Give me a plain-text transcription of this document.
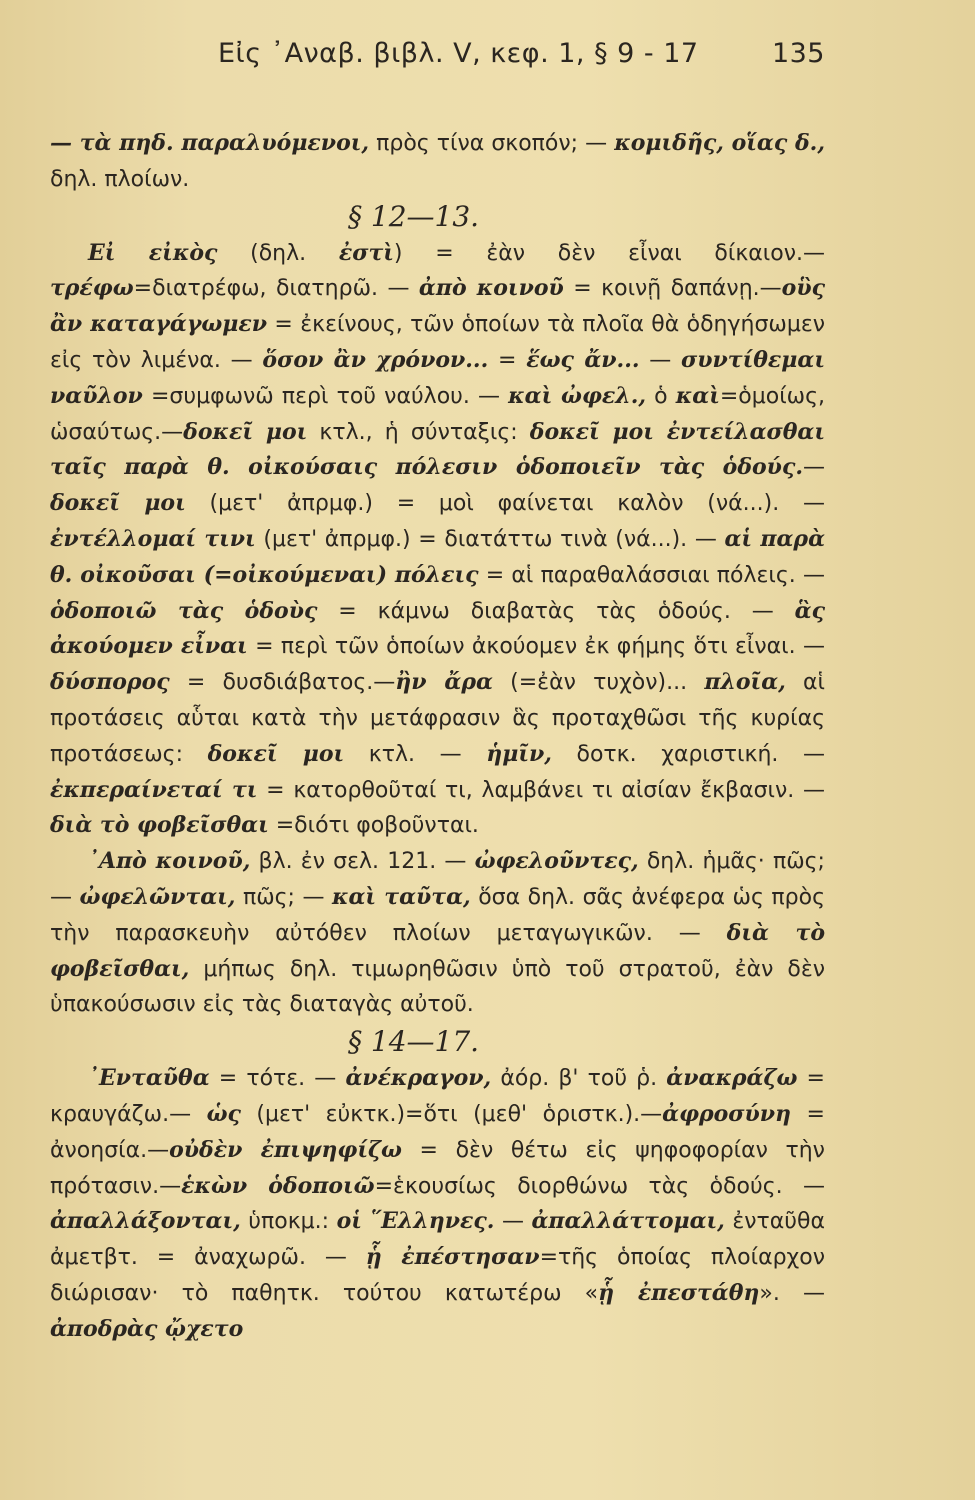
Εἰς ᾿Αναβ. βιβλ. V, κεφ. 1, § 9 - 17	135

— τὰ πηδ. παραλυόμενοι, πρὸς τίνα σκοπόν; — κομιδῆς, οἵας δ., δηλ. πλοίων.

§ 12—13.

Εἰ εἰκὸς (δηλ. ἐστὶ) = ἐὰν δὲν εἶναι δίκαιον.—τρέφω=διατρέφω, διατηρῶ. — ἀπὸ κοινοῦ = κοινῇ δαπάνῃ.—οὓς ἂν καταγάγωμεν = ἐκείνους, τῶν ὁποίων τὰ πλοῖα θὰ ὁδηγήσωμεν εἰς τὸν λιμένα. — ὅσον ἂν χρόνον... = ἕως ἄν... — συντίθεμαι ναῦλον =συμφωνῶ περὶ τοῦ ναύλου. — καὶ ὠφελ., ὁ καὶ=ὁμοίως, ὡσαύτως.—δοκεῖ μοι κτλ., ἡ σύνταξις: δοκεῖ μοι ἐντείλασθαι ταῖς παρὰ θ. οἰκούσαις πόλεσιν ὁδοποιεῖν τὰς ὁδούς.— δοκεῖ μοι (μετ' ἀπρμφ.) = μοὶ φαίνεται καλὸν (νά...). — ἐντέλλομαί τινι (μετ' ἀπρμφ.) = διατάττω τινὰ (νά...). — αἱ παρὰ θ. οἰκοῦσαι (=οἰκούμεναι) πόλεις = αἱ παραθαλάσσιαι πόλεις. — ὁδοποιῶ τὰς ὁδοὺς = κάμνω διαβατὰς τὰς ὁδούς. — ἃς ἀκούομεν εἶναι = περὶ τῶν ὁποίων ἀκούομεν ἐκ φήμης ὅτι εἶναι. — δύσπορος = δυσδιάβατος.—ἢν ἄρα (=ἐὰν τυχὸν)... πλοῖα, αἱ προτάσεις αὗται κατὰ τὴν μετάφρασιν ἃς προταχθῶσι τῆς κυρίας προτάσεως: δοκεῖ μοι κτλ. — ἡμῖν, δοτκ. χαριστική. — ἐκπεραίνεταί τι = κατορθοῦταί τι, λαμβάνει τι αἰσίαν ἔκβασιν. — διὰ τὸ φοβεῖσθαι =διότι φοβοῦνται.

᾿Απὸ κοινοῦ, βλ. ἐν σελ. 121. — ὠφελοῦντες, δηλ. ἡμᾶς· πῶς; — ὠφελῶνται, πῶς; — καὶ ταῦτα, ὅσα δηλ. σᾶς ἀνέφερα ὡς πρὸς τὴν παρασκευὴν αὐτόθεν πλοίων μεταγωγικῶν. — διὰ τὸ φοβεῖσθαι, μήπως δηλ. τιμωρηθῶσιν ὑπὸ τοῦ στρατοῦ, ἐὰν δὲν ὑπακούσωσιν εἰς τὰς διαταγὰς αὐτοῦ.

§ 14—17.

᾿Ενταῦθα = τότε. — ἀνέκραγον, ἀόρ. β' τοῦ ῥ. ἀνακράζω = κραυγάζω.— ὡς (μετ' εὐκτκ.)=ὅτι (μεθ' ὁριστκ.).—ἀφροσύνη = ἀνοησία.—οὐδὲν ἐπιψηφίζω = δὲν θέτω εἰς ψηφοφορίαν τὴν πρότασιν.—ἑκὼν ὁδοποιῶ=ἑκουσίως διορθώνω τὰς ὁδούς. — ἀπαλλάξονται, ὑποκμ.: οἱ ῞Ελληνες. — ἀπαλλάττομαι, ἐνταῦθα ἀμετβτ. = ἀναχωρῶ. — ᾗ ἐπέστησαν=τῆς ὁποίας πλοίαρχον διώρισαν· τὸ παθητκ. τούτου κατωτέρω «ᾗ ἐπεστάθη». — ἀποδρὰς ᾤχετο
